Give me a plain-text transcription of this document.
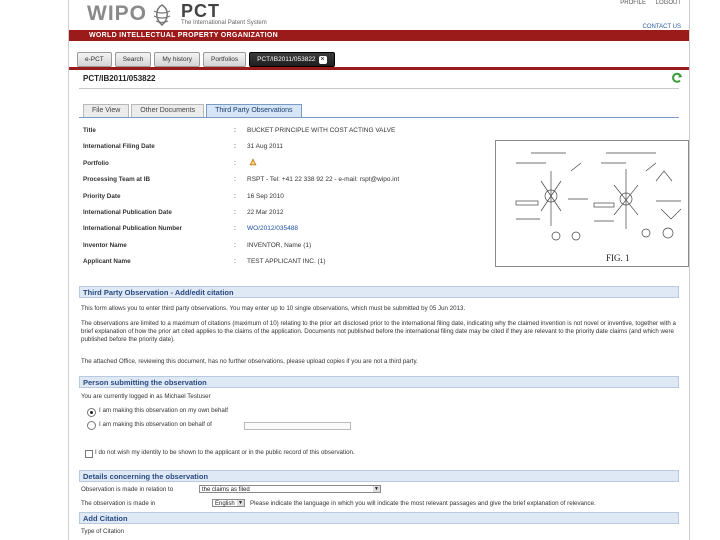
WIPO PCT
The International Patent System
PROFILE LOGOUT
CONTACT US
WORLD INTELLECTUAL PROPERTY ORGANIZATION
e-PCT	Search	My history	Portfolios	PCT/IB2011/053822 ×
PCT/IB2011/053822
File View	Other Documents	Third Party Observations
Title	: BUCKET PRINCIPLE WITH COST ACTING VALVE
International Filing Date	: 31 Aug 2011
Portfolio	:
Processing Team at IB	: RSPT - Tel: +41 22 338 92 22 - e-mail: rspt@wipo.int
Priority Date	: 16 Sep 2010
International Publication Date	: 22 Mar 2012
International Publication Number	: WO/2012/035488
Inventor Name	: INVENTOR, Name (1)
Applicant Name	: TEST APPLICANT INC. (1)	FIG. 1
Third Party Observation - Add/edit citation
This form allows you to enter third party observations. You may enter up to 10 single observations, which must be submitted by 05 Jun 2013.
The observations are limited to a maximum of citations (maximum of 10) relating to the prior art disclosed prior to the international filing date, indicating why the claimed invention is not novel or inventive, together with a brief explanation of how the prior art cited applies to the claims of the application. Documents not published before the international filing date may be cited if they are relevant to the priority date claims (and which were published before the priority date).
The attached Office, reviewing this document, has no further observations, please upload copies if you are not a third party.
Person submitting the observation
You are currently logged in as Michael Testuser
I am making this observation on my own behalf
I am making this observation on behalf of
I do not wish my identity to be shown to the applicant or in the public record of this observation.
Details concerning the observation
Observation is made in relation to	the claims as filed	▼
The observation is made in	English ▼ Please indicate the language in which you will indicate the most relevant passages and give the brief explanation of relevance.
Add Citation
Type of Citation
